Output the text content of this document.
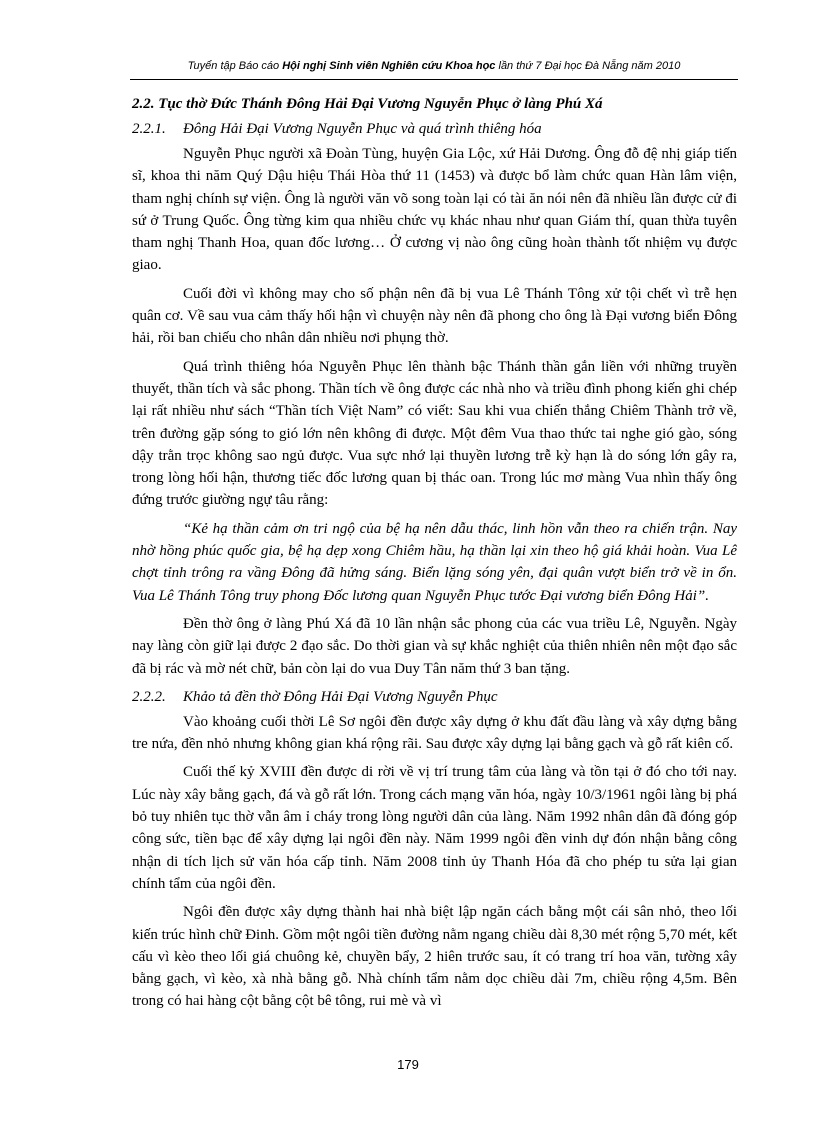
Tuyển tập Báo cáo Hội nghị Sinh viên Nghiên cứu Khoa học lần thứ 7 Đại học Đà Nẵng năm 2010
2.2. Tục thờ Đức Thánh Đông Hải Đại Vương Nguyễn Phục ở làng Phú Xá
2.2.1. Đông Hải Đại Vương Nguyễn Phục và quá trình thiêng hóa

Nguyễn Phục người xã Đoàn Tùng, huyện Gia Lộc, xứ Hải Dương. Ông đỗ đệ nhị giáp tiến sĩ, khoa thi năm Quý Dậu hiệu Thái Hòa thứ 11 (1453) và được bổ làm chức quan Hàn lâm viện, tham nghị chính sự viện. Ông là người văn võ song toàn lại có tài ăn nói nên đã nhiều lần được cử đi sứ ở Trung Quốc. Ông từng kim qua nhiều chức vụ khác nhau như quan Giám thí, quan thừa tuyên tham nghị Thanh Hoa, quan đốc lương… Ở cương vị nào ông cũng hoàn thành tốt nhiệm vụ được giao.

Cuối đời vì không may cho số phận nên đã bị vua Lê Thánh Tông xử tội chết vì trễ hẹn quân cơ. Về sau vua cảm thấy hối hận vì chuyện này nên đã phong cho ông là Đại vương biển Đông hải, rồi ban chiếu cho nhân dân nhiều nơi phụng thờ.

Quá trình thiêng hóa Nguyễn Phục lên thành bậc Thánh thần gắn liền với những truyền thuyết, thần tích và sắc phong. Thần tích về ông được các nhà nho và triều đình phong kiến ghi chép lại rất nhiều như sách “Thần tích Việt Nam” có viết: Sau khi vua chiến thắng Chiêm Thành trở về, trên đường gặp sóng to gió lớn nên không đi được. Một đêm Vua thao thức tai nghe gió gào, sóng dậy trằn trọc không sao ngủ được. Vua sực nhớ lại thuyền lương trễ kỳ hạn là do sóng lớn gây ra, trong lòng hối hận, thương tiếc đốc lương quan bị thác oan. Trong lúc mơ màng Vua nhìn thấy ông đứng trước giường ngự tâu rằng:

“Kẻ hạ thần cảm ơn tri ngộ của bệ hạ nên dẫu thác, linh hồn vẫn theo ra chiến trận. Nay nhờ hồng phúc quốc gia, bệ hạ dẹp xong Chiêm hầu, hạ thần lại xin theo hộ giá khải hoàn. Vua Lê chợt tỉnh trông ra vầng Đông đã hửng sáng. Biển lặng sóng yên, đại quân vượt biển trở về in ổn. Vua Lê Thánh Tông truy phong Đốc lương quan Nguyễn Phục tước Đại vương biển Đông Hải”.

Đền thờ ông ở làng Phú Xá đã 10 lần nhận sắc phong của các vua triều Lê, Nguyễn. Ngày nay làng còn giữ lại được 2 đạo sắc. Do thời gian và sự khắc nghiệt của thiên nhiên nên một đạo sắc đã bị rác và mờ nét chữ, bản còn lại do vua Duy Tân năm thứ 3 ban tặng.

2.2.2. Khảo tả đền thờ Đông Hải Đại Vương Nguyễn Phục

Vào khoảng cuối thời Lê Sơ ngôi đền được xây dựng ở khu đất đầu làng và xây dựng bằng tre nứa, đền nhỏ nhưng không gian khá rộng rãi. Sau được xây dựng lại bằng gạch và gỗ rất kiên cố.

Cuối thế kỷ XVIII đền được di rời về vị trí trung tâm của làng và tồn tại ở đó cho tới nay. Lúc này xây bằng gạch, đá và gỗ rất lớn. Trong cách mạng văn hóa, ngày 10/3/1961 ngôi làng bị phá bỏ tuy nhiên tục thờ vẫn âm ỉ cháy trong lòng người dân của làng. Năm 1992 nhân dân đã đóng góp công sức, tiền bạc để xây dựng lại ngôi đền này. Năm 1999 ngôi đền vinh dự đón nhận bằng công nhận di tích lịch sử văn hóa cấp tỉnh. Năm 2008 tỉnh ủy Thanh Hóa đã cho phép tu sửa lại gian chính tẩm của ngôi đền.

Ngôi đền được xây dựng thành hai nhà biệt lập ngăn cách bằng một cái sân nhỏ, theo lối kiến trúc hình chữ Đinh. Gồm một ngôi tiền đường nằm ngang chiều dài 8,30 mét rộng 5,70 mét, kết cấu vì kèo theo lối giá chuông kẻ, chuyền bẩy, 2 hiên trước sau, ít có trang trí hoa văn, tường xây bằng gạch, vì kèo, xà nhà bằng gỗ. Nhà chính tẩm nằm dọc chiều dài 7m, chiều rộng 4,5m. Bên trong có hai hàng cột bằng cột bê tông, rui mè và vì

179
